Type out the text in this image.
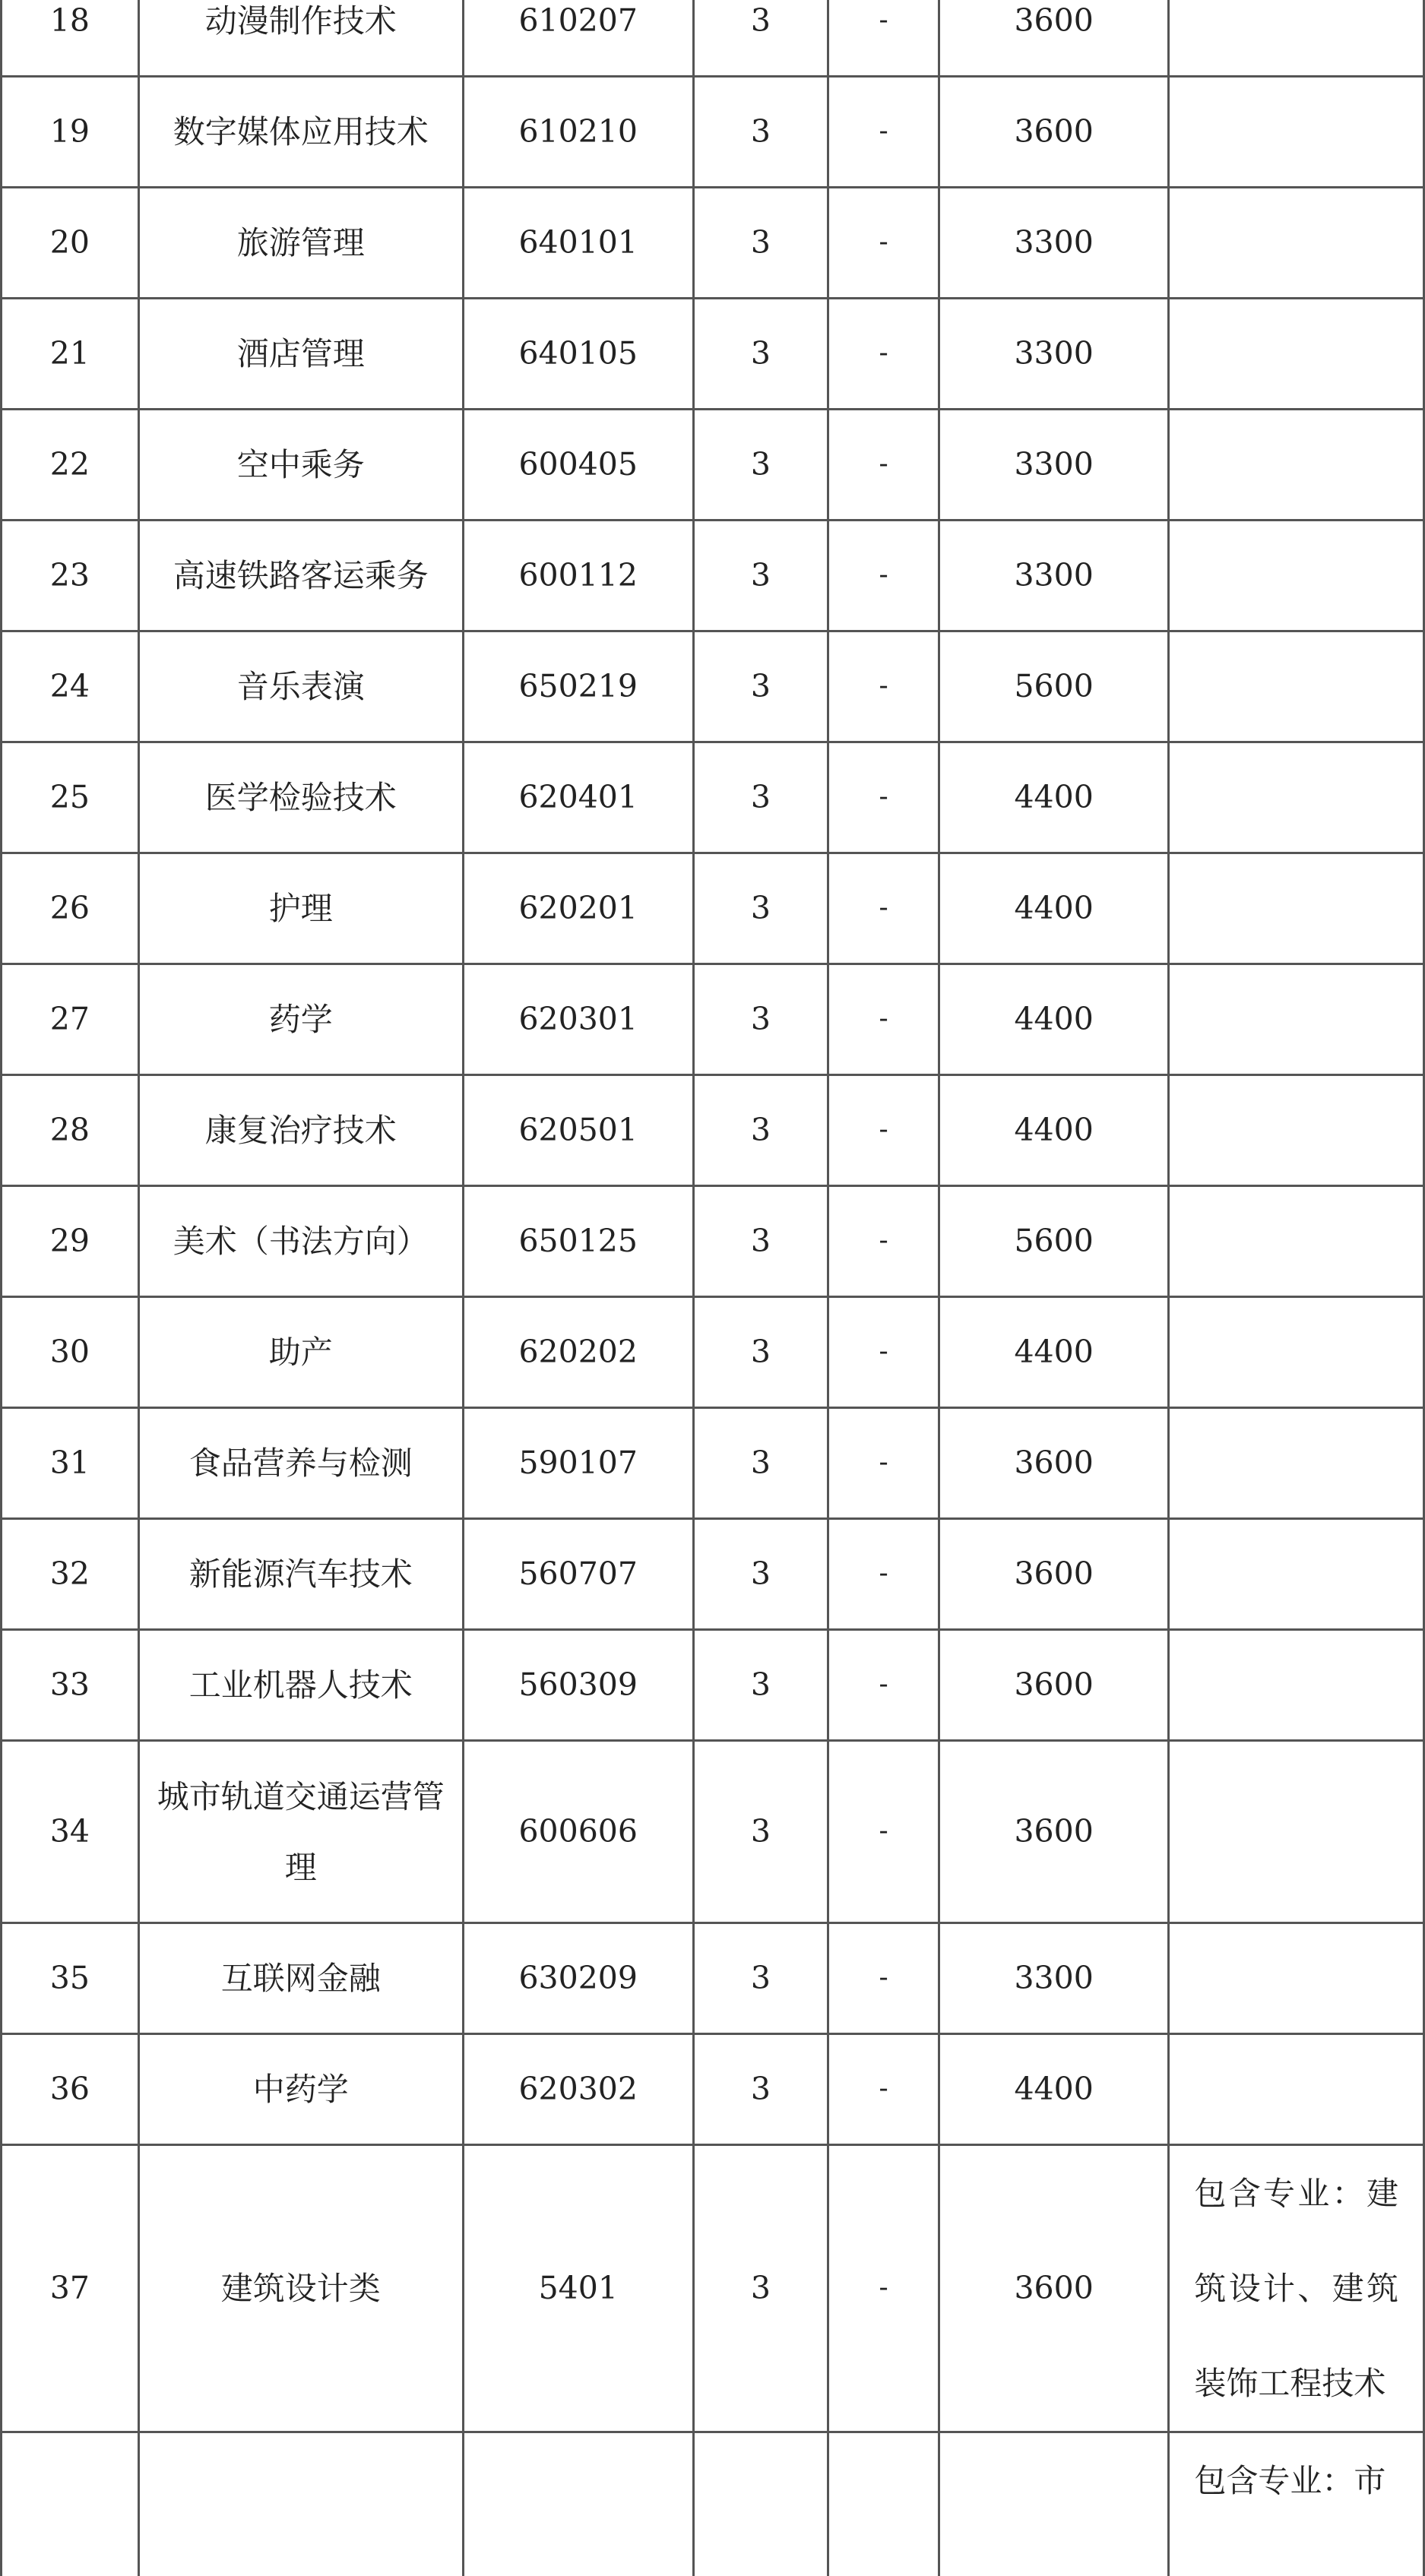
18	动漫制作技术	610207	3	-	3600	
19	数字媒体应用技术	610210	3	-	3600	
20	旅游管理	640101	3	-	3300	
21	酒店管理	640105	3	-	3300	
22	空中乘务	600405	3	-	3300	
23	高速铁路客运乘务	600112	3	-	3300	
24	音乐表演	650219	3	-	5600	
25	医学检验技术	620401	3	-	4400	
26	护理	620201	3	-	4400	
27	药学	620301	3	-	4400	
28	康复治疗技术	620501	3	-	4400	
29	美术（书法方向）	650125	3	-	5600	
30	助产	620202	3	-	4400	
31	食品营养与检测	590107	3	-	3600	
32	新能源汽车技术	560707	3	-	3600	
33	工业机器人技术	560309	3	-	3600	
34	城市轨道交通运营管理	600606	3	-	3600	
35	互联网金融	630209	3	-	3300	
36	中药学	620302	3	-	4400	
37	建筑设计类	5401	3	-	3600	包含专业：建筑设计、建筑装饰工程技术
						包含专业：市
